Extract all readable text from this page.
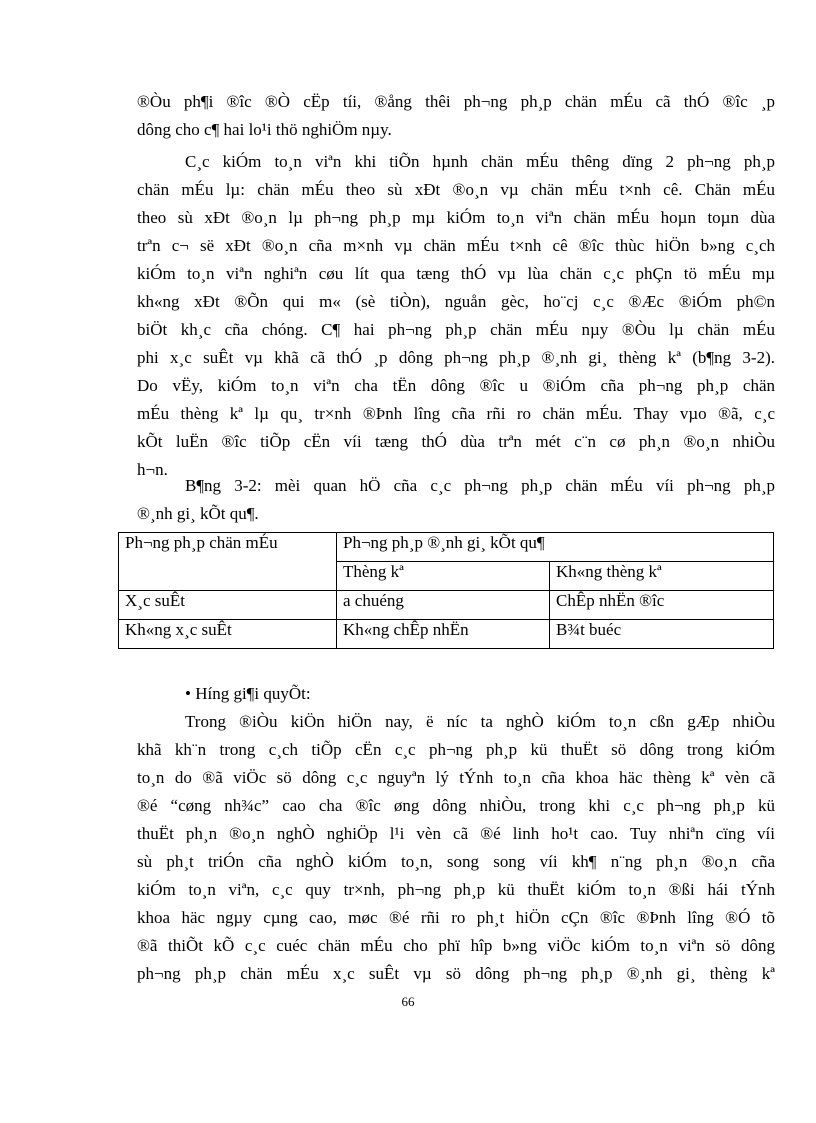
®Òu ph¶i ®îc ®Ò cËp tíi, ®ång thêi ph¬ng ph¸p chän mÉu cã thÓ ®îc ¸p
dông cho c¶ hai lo¹i thö nghiÖm nµy.
C¸c kiÓm to¸n viªn khi tiÕn hµnh chän mÉu thêng dïng 2 ph¬ng ph¸p
chän mÉu lµ: chän mÉu theo sù xÐt ®o¸n vµ chän mÉu t×nh cê. Chän mÉu
theo sù xÐt ®o¸n lµ ph¬ng ph¸p mµ kiÓm to¸n viªn chän mÉu hoµn toµn dùa
trªn c¬ së xÐt ®o¸n cña m×nh vµ chän mÉu t×nh cê ®îc thùc hiÖn b»ng c¸ch
kiÓm to¸n viªn nghiªn cøu lít qua tæng thÓ vµ lùa chän c¸c phÇn tö mÉu mµ
kh«ng xÐt ®Õn qui m« (sè tiÒn), nguån gèc, ho¨cj c¸c ®Æc ®iÓm ph©n
biÖt kh¸c cña chóng. C¶ hai ph¬ng ph¸p chän mÉu nµy ®Òu lµ chän mÉu
phi x¸c suÊt vµ khã cã thÓ ¸p dông ph¬ng ph¸p ®¸nh gi¸ thèng kª (b¶ng 3-2).
Do vËy, kiÓm to¸n viªn cha tËn dông ®îc u ®iÓm cña ph¬ng ph¸p chän
mÉu thèng kª lµ qu¸ tr×nh ®Þnh lîng cña rñi ro chän mÉu. Thay vµo ®ã, c¸c
kÕt luËn ®îc tiÕp cËn víi tæng thÓ dùa trªn mét c¨n cø ph¸n ®o¸n nhiÒu
h¬n.
B¶ng 3-2: mèi quan hÖ cña c¸c ph¬ng ph¸p chän mÉu víi ph¬ng ph¸p
®¸nh gi¸ kÕt qu¶.
Ph¬ng ph¸p chän mÉu	Ph¬ng ph¸p ®¸nh gi¸ kÕt qu¶	
	Thèng kª	Kh«ng thèng kª
X¸c suÊt	a chuéng	ChÊp nhËn ®îc
Kh«ng x¸c suÊt	Kh«ng chÊp nhËn	B¾t buéc
• Híng gi¶i quyÕt:
Trong ®iÒu kiÖn hiÖn nay, ë níc ta nghÒ kiÓm to¸n cßn gÆp nhiÒu
khã kh¨n trong c¸ch tiÕp cËn c¸c ph¬ng ph¸p kü thuËt sö dông trong kiÓm
to¸n do ®ã viÖc sö dông c¸c nguyªn lý tÝnh to¸n cña khoa häc thèng kª vèn cã
®é “cøng nh¾c” cao cha ®îc øng dông nhiÒu, trong khi c¸c ph¬ng ph¸p kü
thuËt ph¸n ®o¸n nghÒ nghiÖp l¹i vèn cã ®é linh ho¹t cao. Tuy nhiªn cïng víi
sù ph¸t triÓn cña nghÒ kiÓm to¸n, song song víi kh¶ n¨ng ph¸n ®o¸n cña
kiÓm to¸n viªn, c¸c quy tr×nh, ph¬ng ph¸p kü thuËt kiÓm to¸n ®ßi hái tÝnh
khoa häc ngµy cµng cao, møc ®é rñi ro ph¸t hiÖn cÇn ®îc ®Þnh lîng ®Ó tõ
®ã thiÕt kÕ c¸c cuéc chän mÉu cho phï hîp b»ng viÖc kiÓm to¸n viªn sö dông
ph¬ng ph¸p chän mÉu x¸c suÊt vµ sö dông ph¬ng ph¸p ®¸nh gi¸ thèng kª
66
